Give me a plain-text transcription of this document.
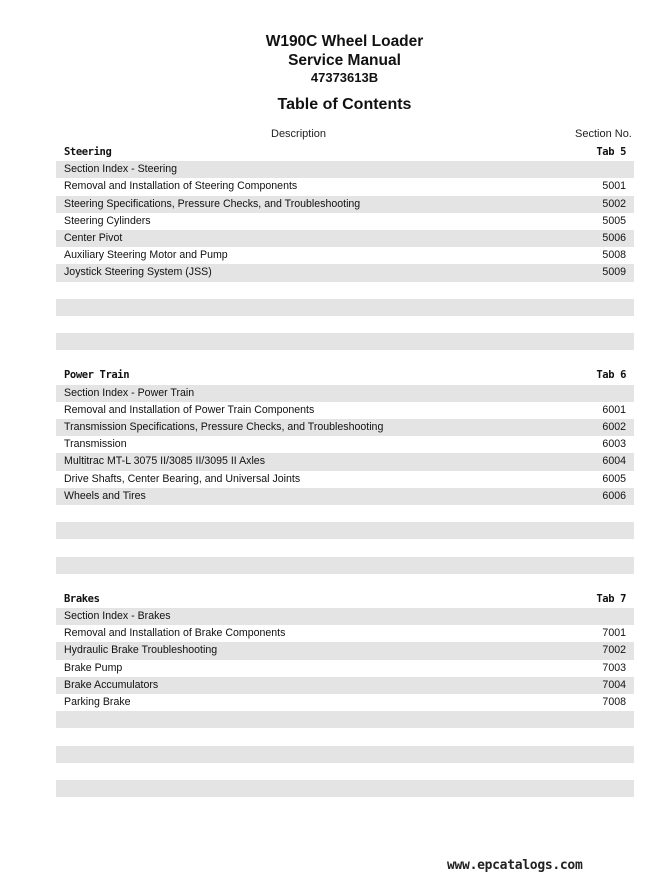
W190C Wheel Loader
Service Manual
47373613B
Table of Contents
Description	Section No.
Steering	Tab 5
Section Index - Steering
Removal and Installation of Steering Components	5001
Steering Specifications, Pressure Checks, and Troubleshooting	5002
Steering Cylinders	5005
Center Pivot	5006
Auxiliary Steering Motor and Pump	5008
Joystick Steering System (JSS)	5009
Power Train	Tab 6
Section Index - Power Train
Removal and Installation of Power Train Components	6001
Transmission Specifications, Pressure Checks, and Troubleshooting	6002
Transmission	6003
Multitrac MT-L 3075 II/3085 II/3095 II Axles	6004
Drive Shafts, Center Bearing, and Universal Joints	6005
Wheels and Tires	6006
Brakes	Tab 7
Section Index - Brakes
Removal and Installation of Brake Components	7001
Hydraulic Brake Troubleshooting	7002
Brake Pump	7003
Brake Accumulators	7004
Parking Brake	7008
www.epcatalogs.com
